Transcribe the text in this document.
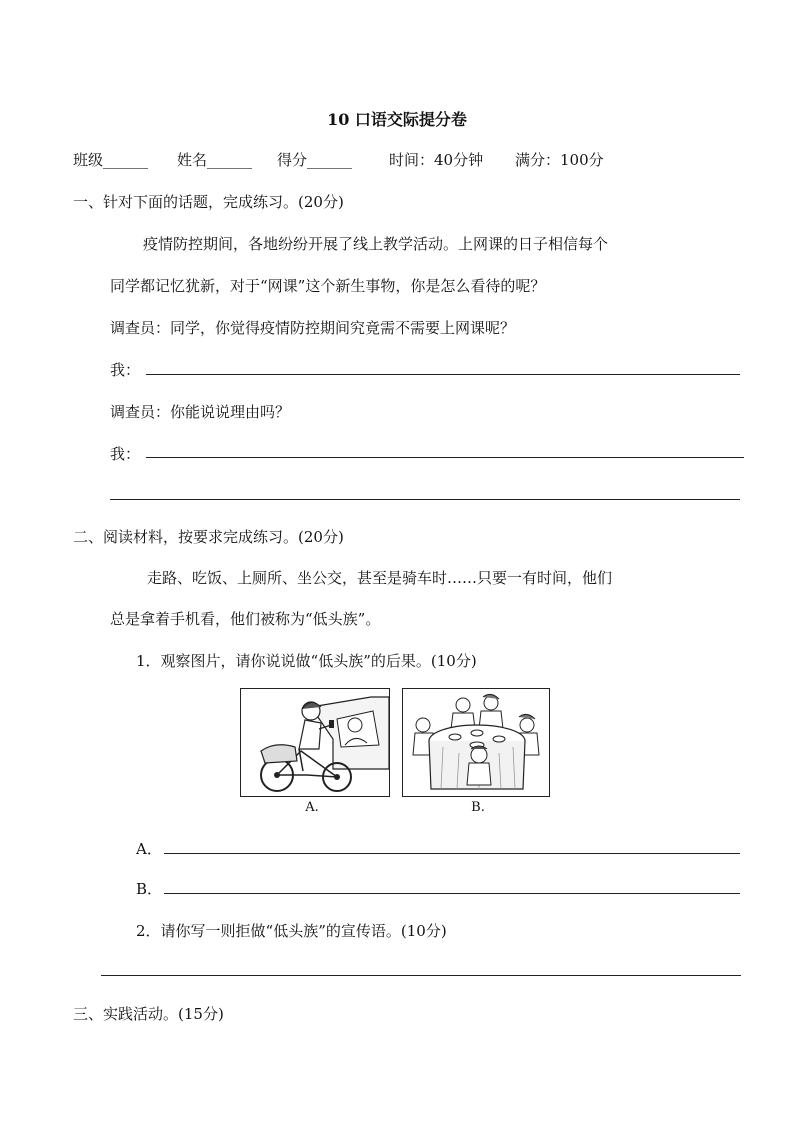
10 口语交际提分卷
班级______ 姓名______ 得分______ 时间：40分钟 满分：100分
一、针对下面的话题，完成练习。(20分)
疫情防控期间，各地纷纷开展了线上教学活动。上网课的日子相信每个
同学都记忆犹新，对于“网课”这个新生事物，你是怎么看待的呢？
调查员：同学，你觉得疫情防控期间究竟需不需要上网课呢？
我：
调查员：你能说说理由吗？
我：
二、阅读材料，按要求完成练习。(20分)
走路、吃饭、上厕所、坐公交，甚至是骑车时……只要一有时间，他们
总是拿着手机看，他们被称为“低头族”。
1．观察图片，请你说说做“低头族”的后果。(10分)
A.	B.
A．
B．
2．请你写一则拒做“低头族”的宣传语。(10分)
三、实践活动。(15分)
